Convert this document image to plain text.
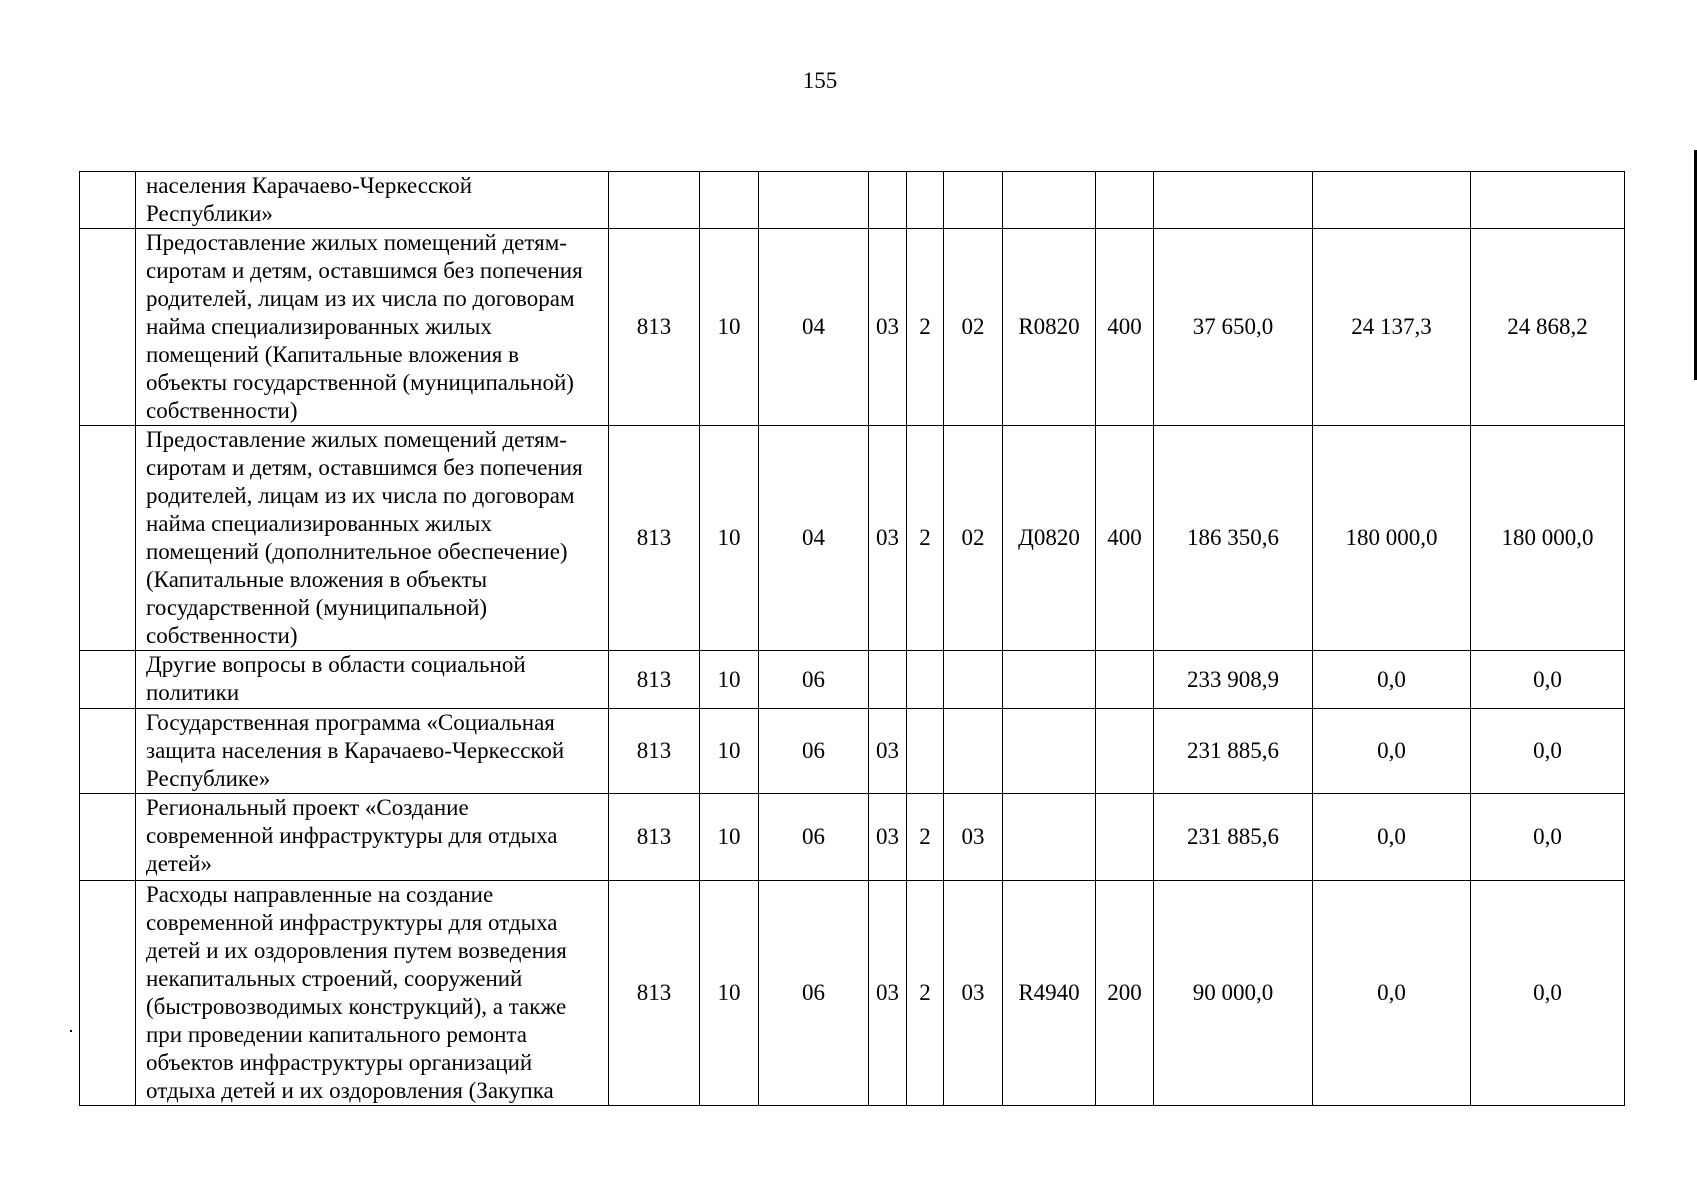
155
	населения Карачаево-Черкесской Республики»											
	Предоставление жилых помещений детям-сиротам и детям, оставшимся без попечения родителей, лицам из их числа по договорам найма специализированных жилых помещений (Капитальные вложения в объекты государственной (муниципальной) собственности)	813	10	04	03	2	02	R0820	400	37 650,0	24 137,3	24 868,2
	Предоставление жилых помещений детям-сиротам и детям, оставшимся без попечения родителей, лицам из их числа по договорам найма специализированных жилых помещений (дополнительное обеспечение) (Капитальные вложения в объекты государственной (муниципальной) собственности)	813	10	04	03	2	02	Д0820	400	186 350,6	180 000,0	180 000,0
	Другие вопросы в области социальной политики	813	10	06						233 908,9	0,0	0,0
	Государственная программа «Социальная защита населения в Карачаево-Черкесской Республике»	813	10	06	03					231 885,6	0,0	0,0
	Региональный проект «Создание современной инфраструктуры для отдыха детей»	813	10	06	03	2	03			231 885,6	0,0	0,0
	Расходы направленные на создание современной инфраструктуры для отдыха детей и их оздоровления путем возведения некапитальных строений, сооружений (быстровозводимых конструкций), а также при проведении капитального ремонта объектов инфраструктуры организаций отдыха детей и их оздоровления (Закупка	813	10	06	03	2	03	R4940	200	90 000,0	0,0	0,0
